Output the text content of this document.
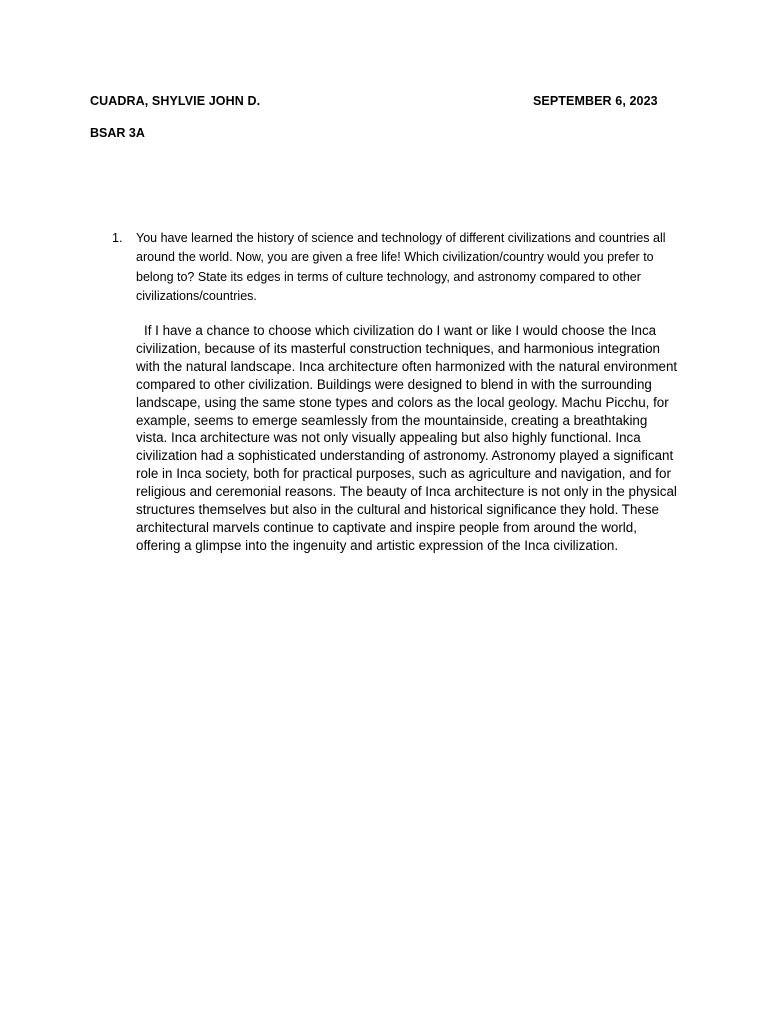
CUADRA, SHYLVIE JOHN D.	SEPTEMBER 6, 2023
BSAR 3A
1. You have learned the history of science and technology of different civilizations and countries all around the world. Now, you are given a free life! Which civilization/country would you prefer to belong to? State its edges in terms of culture technology, and astronomy compared to other civilizations/countries.
If I have a chance to choose which civilization do I want or like I would choose the Inca civilization, because of its masterful construction techniques, and harmonious integration with the natural landscape. Inca architecture often harmonized with the natural environment compared to other civilization. Buildings were designed to blend in with the surrounding landscape, using the same stone types and colors as the local geology. Machu Picchu, for example, seems to emerge seamlessly from the mountainside, creating a breathtaking vista. Inca architecture was not only visually appealing but also highly functional. Inca civilization had a sophisticated understanding of astronomy. Astronomy played a significant role in Inca society, both for practical purposes, such as agriculture and navigation, and for religious and ceremonial reasons. The beauty of Inca architecture is not only in the physical structures themselves but also in the cultural and historical significance they hold. These architectural marvels continue to captivate and inspire people from around the world, offering a glimpse into the ingenuity and artistic expression of the Inca civilization.
